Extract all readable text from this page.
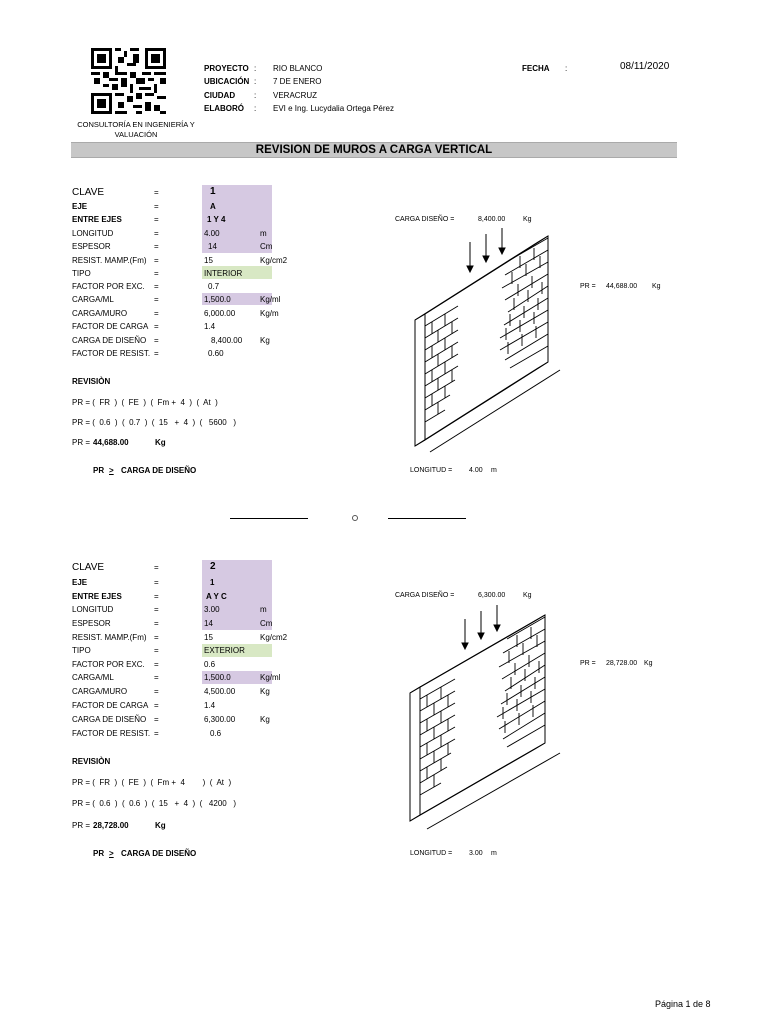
CONSULTORÍA EN INGENIERÍA Y
VALUACIÓN
PROYECTO : RIO BLANCO
UBICACIÓN : 7 DE ENERO
CIUDAD : VERACRUZ
ELABORÓ : EVI e Ing. Lucydalia Ortega Pérez
FECHA :	08/11/2020
REVISION DE MUROS A CARGA VERTICAL
CLAVE	=	1
EJE	=	A
ENTRE EJES	=	1 Y 4
LONGITUD	=	4.00	m
ESPESOR	=	14	Cm
RESIST. MAMP.(Fm) =	15	Kg/cm2
TIPO	=	INTERIOR
FACTOR POR EXC. =	0.7
CARGA/ML	=	1,500.0	Kg/ml
CARGA/MURO	=	6,000.00	Kg/m
FACTOR DE CARGA =	1.4
CARGA DE DISEÑO =	8,400.00 Kg
FACTOR DE RESIST. =	0.60
REVISIÒN
PR = (  FR  )  (  FE  )  (  Fm +  4  )  (  At  )
PR = (  0.6  )  (  0.7  )  (  15   +  4  )  (   5600   )
PR = 44,688.00	Kg
PR > CARGA DE DISEÑO
CARGA DISEÑO =	8,400.00	Kg
PR = 44,688.00 Kg
LONGITUD = 4.00 m
CLAVE	=	2
EJE	=	1
ENTRE EJES	=	A Y C
LONGITUD	=	3.00	m
ESPESOR	=	14	Cm
RESIST. MAMP.(Fm) =	15	Kg/cm2
TIPO	=	EXTERIOR
FACTOR POR EXC. =	0.6
CARGA/ML	=	1,500.0	Kg/ml
CARGA/MURO	=	4,500.00	Kg
FACTOR DE CARGA =	1.4
CARGA DE DISEÑO =	6,300.00	Kg
FACTOR DE RESIST. =	0.6
REVISIÒN
PR = (  FR  )  (  FE  )  (  Fm +  4        )  (  At  )
PR = (  0.6  )  (  0.6  )  (  15   +  4  )  (   4200   )
PR = 28,728.00	Kg
PR > CARGA DE DISEÑO
CARGA DISEÑO =	6,300.00	Kg
PR = 28,728.00 Kg
LONGITUD = 3.00 m
Página 1 de 8
